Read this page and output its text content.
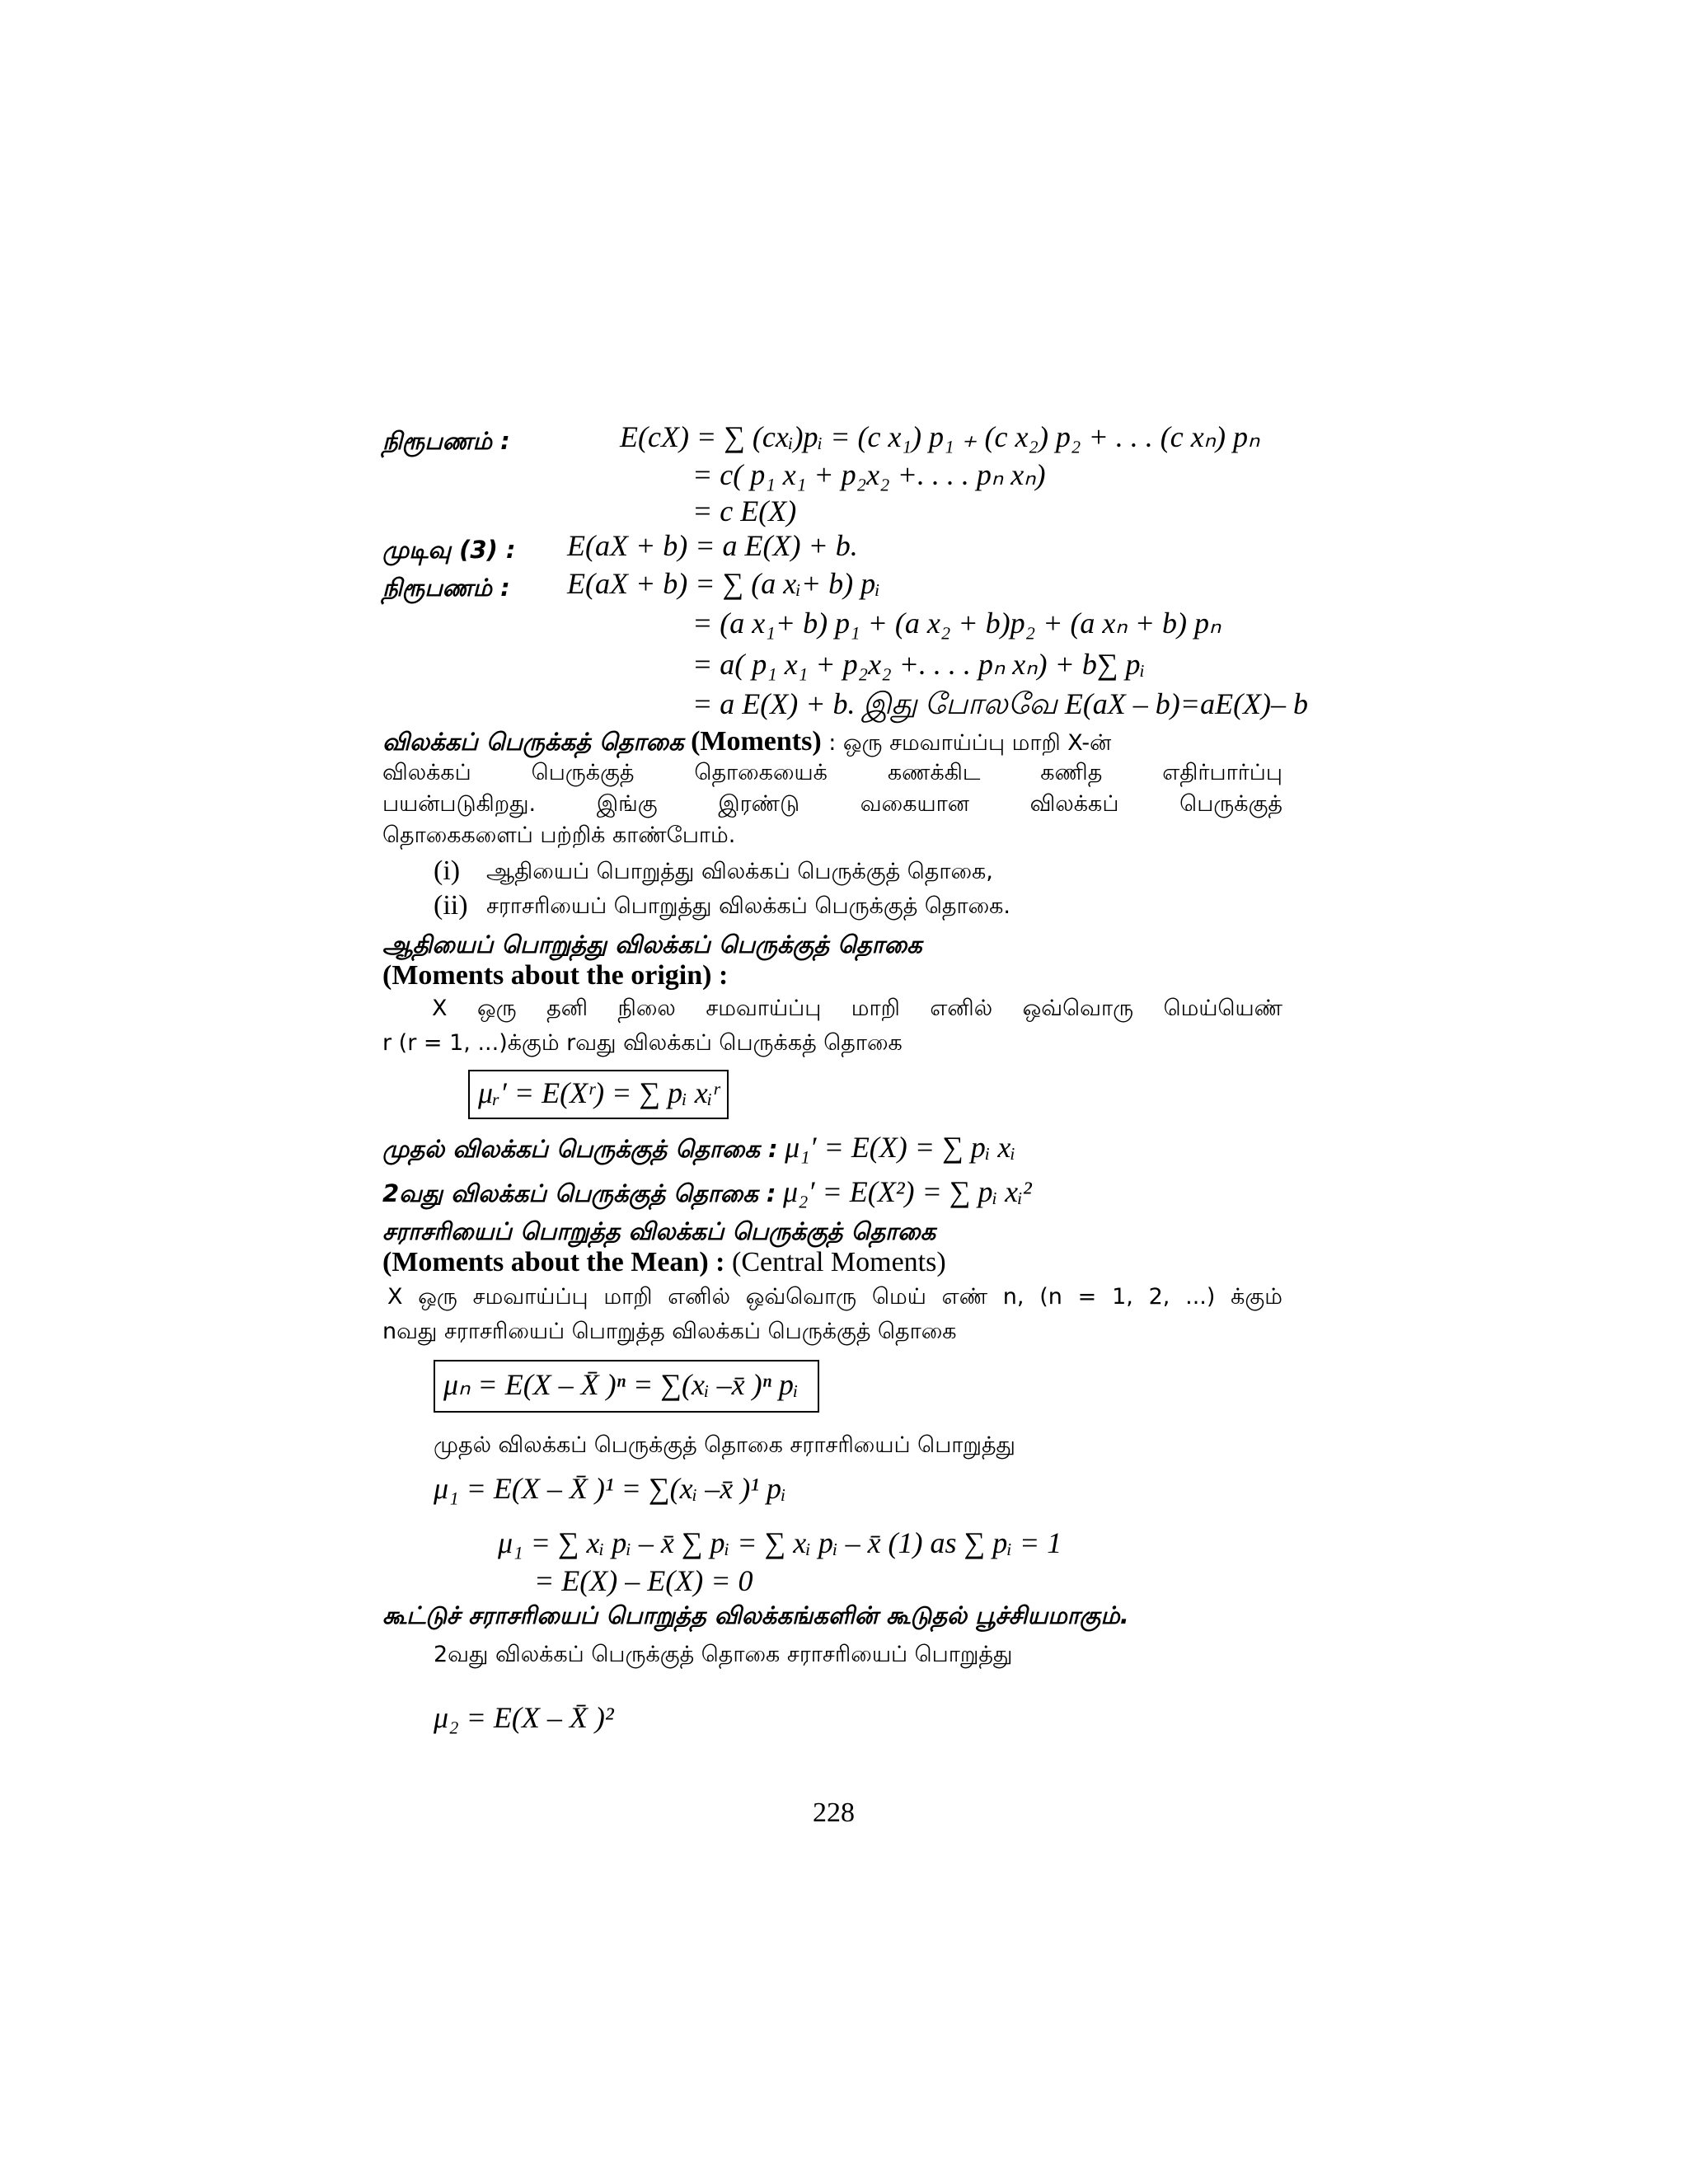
நிரூபணம் :	E(cX) = ∑ (cxᵢ)pᵢ = (c x₁) p₁ ₊ (c x₂) p₂ + . . . (c xₙ) pₙ
= c( p₁ x₁ + p₂x₂ +. . . . pₙ xₙ)
= c E(X)
முடிவு (3) : E(aX + b) = a E(X) + b.
நிரூபணம் : E(aX + b) = ∑ (a xᵢ+ b) pᵢ
= (a x₁+ b) p₁ + (a x₂ + b)p₂ + (a xₙ + b) pₙ
= a( p₁ x₁ + p₂x₂ +. . . . pₙ xₙ) + b∑ pᵢ
= a E(X) + b. இது போலவே E(aX – b)=aE(X)– b
விலக்கப் பெருக்கத் தொகை (Moments) : ஒரு சமவாய்ப்பு மாறி X-ன்
விலக்கப் பெருக்குத் தொகையைக் கணக்கிட கணித எதிர்பார்ப்பு
பயன்படுகிறது. இங்கு இரண்டு வகையான விலக்கப் பெருக்குத்
தொகைகளைப் பற்றிக் காண்போம்.
(i) ஆதியைப் பொறுத்து விலக்கப் பெருக்குத் தொகை,
(ii) சராசரியைப் பொறுத்து விலக்கப் பெருக்குத் தொகை.
ஆதியைப் பொறுத்து விலக்கப் பெருக்குத் தொகை
(Moments about the origin) :
X ஒரு தனி நிலை சமவாய்ப்பு மாறி எனில் ஒவ்வொரு மெய்யெண்
r (r = 1, ...)க்கும் rவது விலக்கப் பெருக்கத் தொகை
μᵣ′ = E(Xʳ) = ∑ pᵢ xᵢʳ
முதல் விலக்கப் பெருக்குத் தொகை : μ₁′ = E(X) = ∑ pᵢ xᵢ
2வது விலக்கப் பெருக்குத் தொகை : μ₂′ = E(X²) = ∑ pᵢ xᵢ²
சராசரியைப் பொறுத்த விலக்கப் பெருக்குத் தொகை
(Moments about the Mean) : (Central Moments)
X ஒரு சமவாய்ப்பு மாறி எனில் ஒவ்வொரு மெய் எண் n, (n = 1, 2, ...) க்கும்
nவது சராசரியைப் பொறுத்த விலக்கப் பெருக்குத் தொகை
μₙ = E(X – X̄ )ⁿ = ∑(xᵢ –x̄ )ⁿ pᵢ
முதல் விலக்கப் பெருக்குத் தொகை சராசரியைப் பொறுத்து
μ₁ = E(X – X̄ )¹ = ∑(xᵢ –x̄ )¹ pᵢ
μ₁ = ∑ xᵢ pᵢ – x̄ ∑ pᵢ = ∑ xᵢ pᵢ – x̄ (1) as ∑ pᵢ = 1
= E(X) – E(X) = 0
கூட்டுச் சராசரியைப் பொறுத்த விலக்கங்களின் கூடுதல் பூச்சியமாகும்.
2வது விலக்கப் பெருக்குத் தொகை சராசரியைப் பொறுத்து
μ₂ = E(X – X̄ )²
228
